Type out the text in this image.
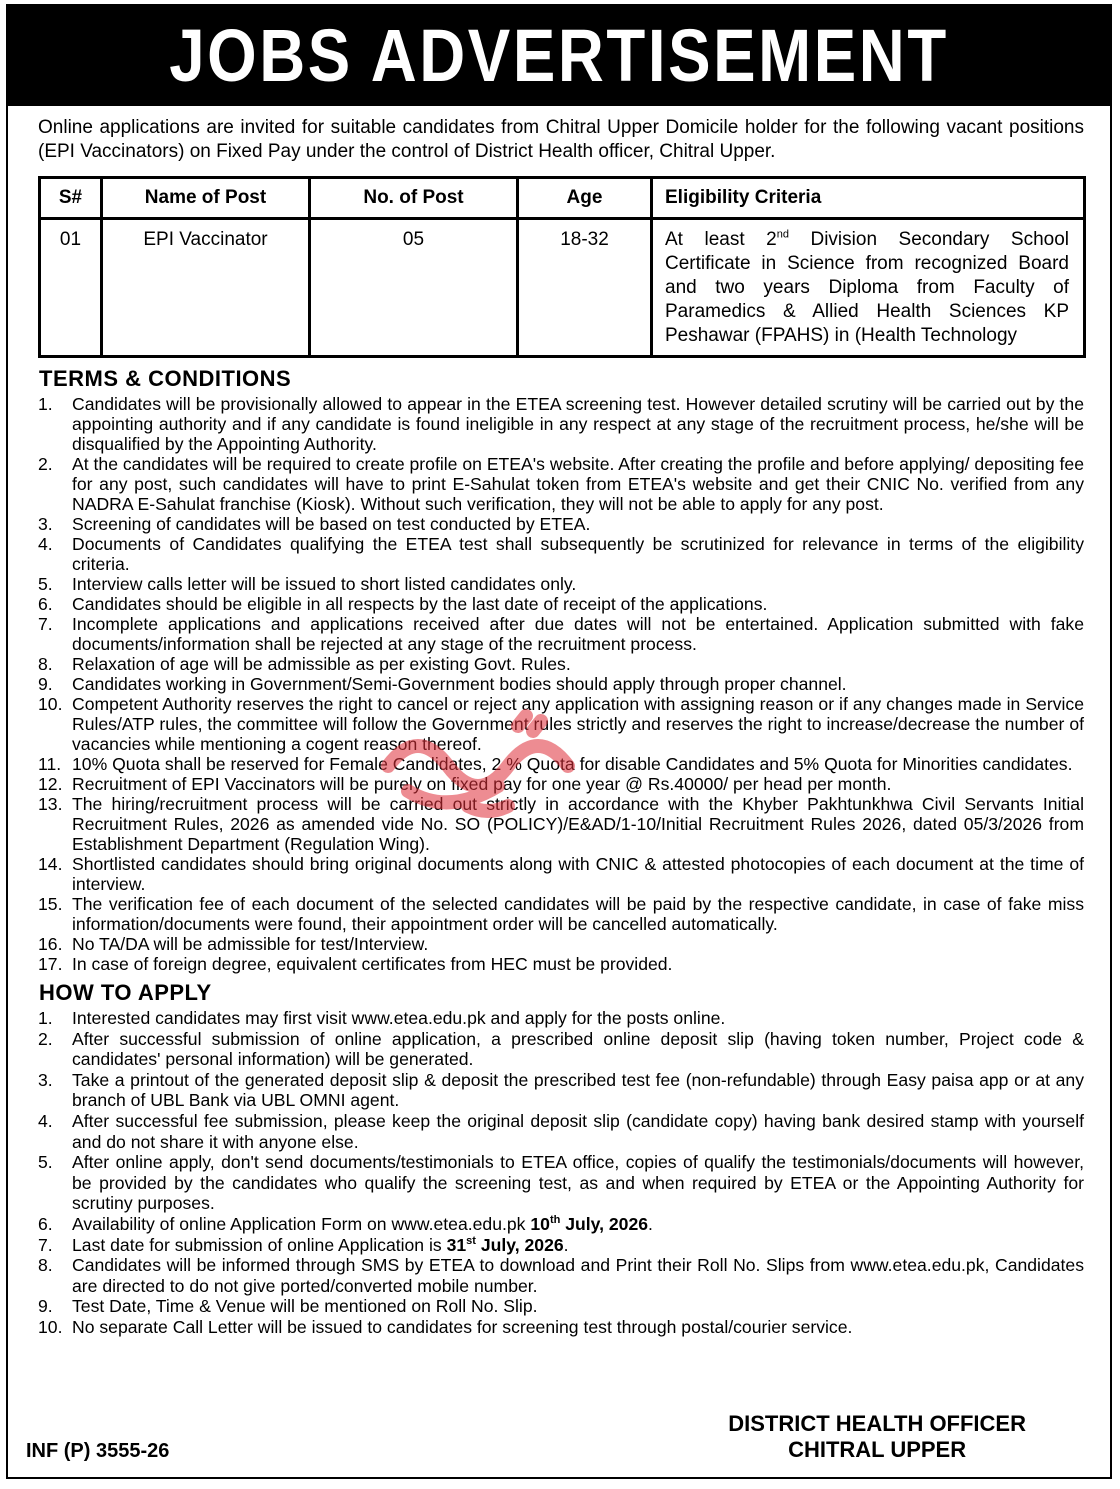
JOBS ADVERTISEMENT
Online applications are invited for suitable candidates from Chitral Upper Domicile holder for the following vacant positions (EPI Vaccinators) on Fixed Pay under the control of District Health officer, Chitral Upper.
S#	Name of Post	No. of Post	Age	Eligibility Criteria
01	EPI Vaccinator	05	18-32	At least 2nd Division Secondary School Certificate in Science from recognized Board and two years Diploma from Faculty of Paramedics & Allied Health Sciences KP Peshawar (FPAHS) in (Health Technology
TERMS & CONDITIONS
1.	Candidates will be provisionally allowed to appear in the ETEA screening test. However detailed scrutiny will be carried out by the appointing authority and if any candidate is found ineligible in any respect at any stage of the recruitment process, he/she will be disqualified by the Appointing Authority.
2.	At the candidates will be required to create profile on ETEA's website. After creating the profile and before applying/ depositing fee for any post, such candidates will have to print E-Sahulat token from ETEA's website and get their CNIC No. verified from any NADRA E-Sahulat franchise (Kiosk). Without such verification, they will not be able to apply for any post.
3.	Screening of candidates will be based on test conducted by ETEA.
4.	Documents of Candidates qualifying the ETEA test shall subsequently be scrutinized for relevance in terms of the eligibility criteria.
5.	Interview calls letter will be issued to short listed candidates only.
6.	Candidates should be eligible in all respects by the last date of receipt of the applications.
7.	Incomplete applications and applications received after due dates will not be entertained. Application submitted with fake documents/information shall be rejected at any stage of the recruitment process.
8.	Relaxation of age will be admissible as per existing Govt. Rules.
9.	Candidates working in Government/Semi-Government bodies should apply through proper channel.
10. Competent Authority reserves the right to cancel or reject any application with assigning reason or if any changes made in Service Rules/ATP rules, the committee will follow the Government rules strictly and reserves the right to increase/decrease the number of vacancies while mentioning a cogent reason thereof.
11. 10% Quota shall be reserved for Female Candidates, 2 % Quota for disable Candidates and 5% Quota for Minorities candidates.
12. Recruitment of EPI Vaccinators will be purely on fixed pay for one year @ Rs.40000/ per head per month.
13. The hiring/recruitment process will be carried out strictly in accordance with the Khyber Pakhtunkhwa Civil Servants Initial Recruitment Rules, 2026 as amended vide No. SO (POLICY)/E&AD/1-10/Initial Recruitment Rules 2026, dated 05/3/2026 from Establishment Department (Regulation Wing).
14. Shortlisted candidates should bring original documents along with CNIC & attested photocopies of each document at the time of interview.
15. The verification fee of each document of the selected candidates will be paid by the respective candidate, in case of fake miss information/documents were found, their appointment order will be cancelled automatically.
16. No TA/DA will be admissible for test/Interview.
17. In case of foreign degree, equivalent certificates from HEC must be provided.
HOW TO APPLY
1.	Interested candidates may first visit www.etea.edu.pk and apply for the posts online.
2.	After successful submission of online application, a prescribed online deposit slip (having token number, Project code & candidates' personal information) will be generated.
3.	Take a printout of the generated deposit slip & deposit the prescribed test fee (non-refundable) through Easy paisa app or at any branch of UBL Bank via UBL OMNI agent.
4.	After successful fee submission, please keep the original deposit slip (candidate copy) having bank desired stamp with yourself and do not share it with anyone else.
5.	After online apply, don't send documents/testimonials to ETEA office, copies of qualify the testimonials/documents will however, be provided by the candidates who qualify the screening test, as and when required by ETEA or the Appointing Authority for scrutiny purposes.
6.	Availability of online Application Form on www.etea.edu.pk 10th July, 2026.
7.	Last date for submission of online Application is 31st July, 2026.
8.	Candidates will be informed through SMS by ETEA to download and Print their Roll No. Slips from www.etea.edu.pk, Candidates are directed to do not give ported/converted mobile number.
9.	Test Date, Time & Venue will be mentioned on Roll No. Slip.
10. No separate Call Letter will be issued to candidates for screening test through postal/courier service.
INF (P) 3555-26
DISTRICT HEALTH OFFICER
CHITRAL UPPER
